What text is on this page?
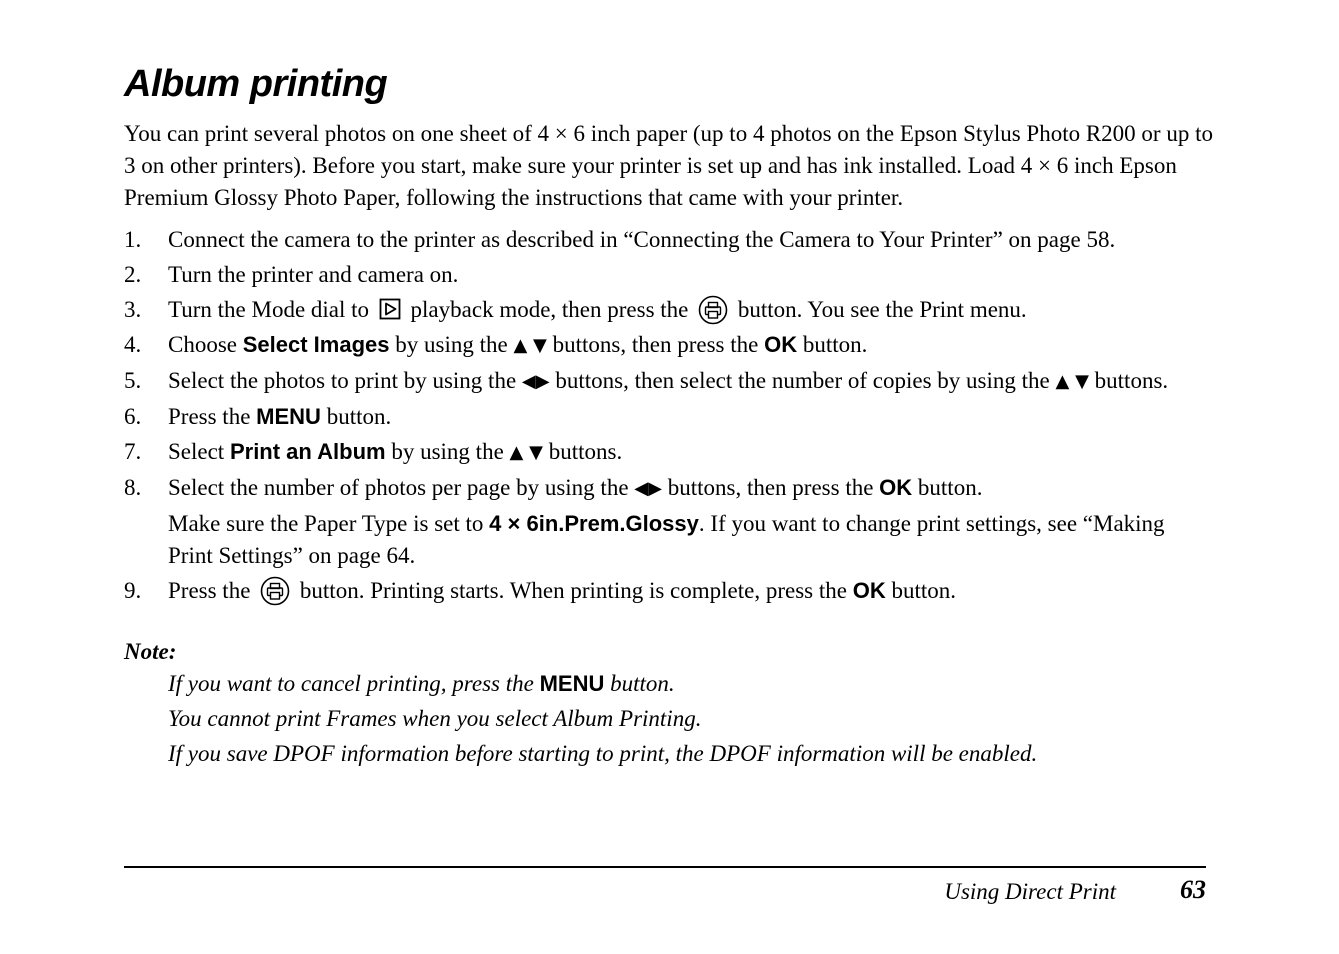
Album printing

You can print several photos on one sheet of 4 × 6 inch paper (up to 4 photos on the Epson Stylus Photo R200 or up to 3 on other printers). Before you start, make sure your printer is set up and has ink installed. Load 4 × 6 inch Epson Premium Glossy Photo Paper, following the instructions that came with your printer.

1. Connect the camera to the printer as described in “Connecting the Camera to Your Printer” on page 58.
2. Turn the printer and camera on.
3. Turn the Mode dial to playback mode, then press the button. You see the Print menu.
4. Choose Select Images by using the ▲ ▼ buttons, then press the OK button.
5. Select the photos to print by using the ◀▶ buttons, then select the number of copies by using the ▲ ▼ buttons.
6. Press the MENU button.
7. Select Print an Album by using the ▲ ▼ buttons.
8. Select the number of photos per page by using the ◀▶ buttons, then press the OK button.
Make sure the Paper Type is set to 4 × 6in.Prem.Glossy. If you want to change print settings, see “Making Print Settings” on page 64.
9. Press the button. Printing starts. When printing is complete, press the OK button.
Note:
If you want to cancel printing, press the MENU button.
You cannot print Frames when you select Album Printing.
If you save DPOF information before starting to print, the DPOF information will be enabled.
Using Direct Print 63
